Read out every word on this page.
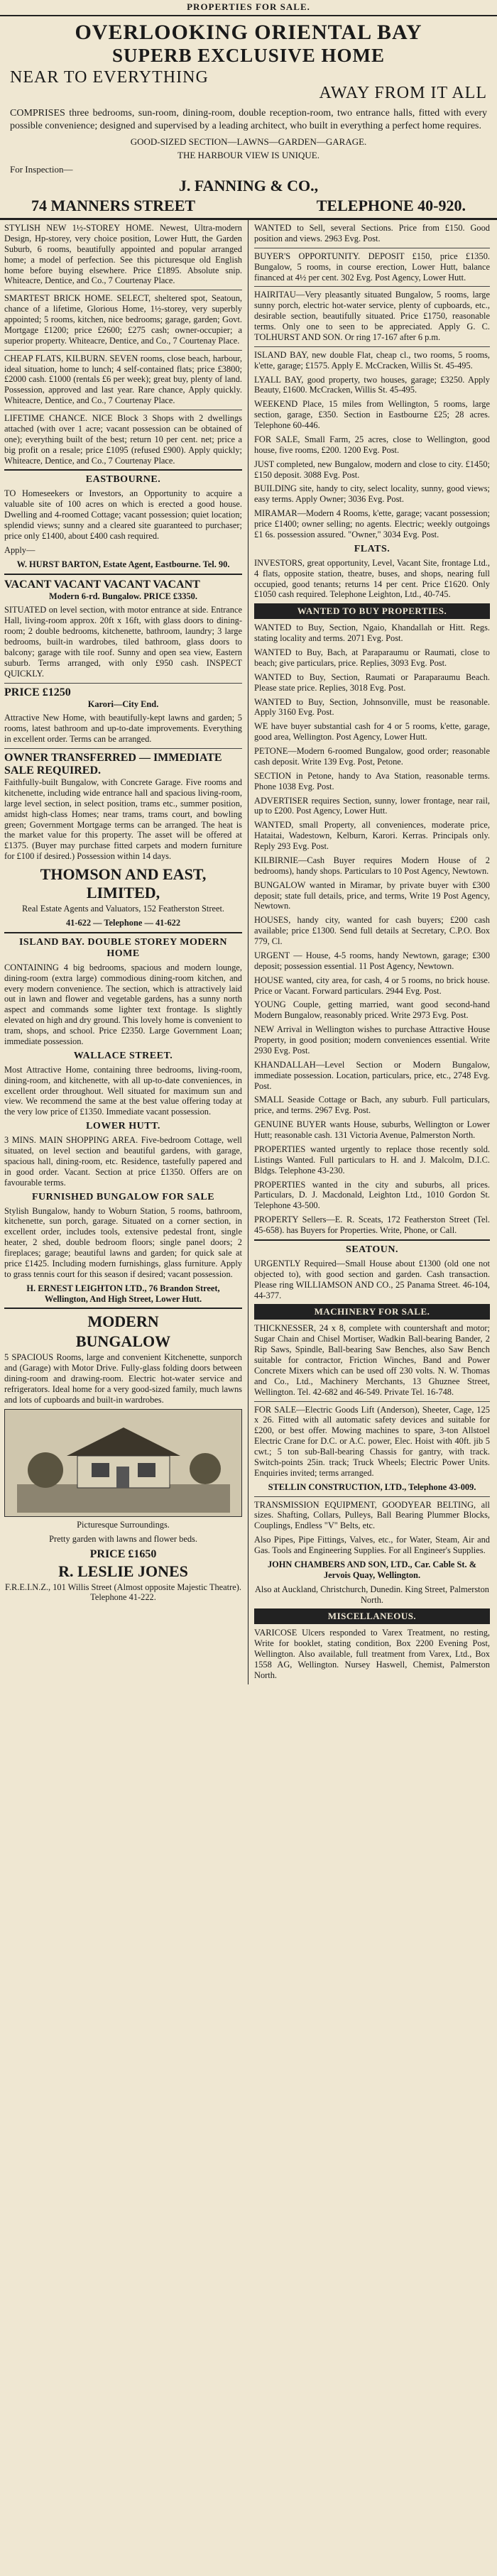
PROPERTIES FOR SALE.
OVERLOOKING ORIENTAL BAY
SUPERB EXCLUSIVE HOME
NEAR TO EVERYTHING
AWAY FROM IT ALL

COMPRISES three bedrooms, sun-room, dining-room, double reception-room, two entrance halls, fitted with every possible convenience; designed and supervised by a leading architect, who built in everything a perfect home requires.

GOOD-SIZED SECTION—LAWNS—GARDEN—GARAGE.
THE HARBOUR VIEW IS UNIQUE.
For Inspection—
J. FANNING & CO.,
74 MANNERS STREET	TELEPHONE 40-920.

STYLISH NEW 1½-STOREY HOME. Newest, Ultra-modern Design, Hp-storey, very choice position, Lower Hutt, the Garden Suburb, 6 rooms, beautifully appointed and popular arranged home; a model of perfection. See this picturesque old English home before buying elsewhere. Price £1895. Absolute snip. Whiteacre, Dentice, and Co., 7 Courtenay Place.

SMARTEST BRICK HOME. SELECT, sheltered spot, Seatoun, chance of a lifetime, Glorious Home, 1½-storey, very superbly appointed; 5 rooms, kitchen, nice bedrooms; garage, garden; Govt. Mortgage £1200; price £2600; £275 cash; owner-occupier; a superior property. Whiteacre, Dentice, and Co., 7 Courtenay Place.

CHEAP FLATS, KILBURN. SEVEN rooms, close beach, harbour, ideal situation, home to lunch; 4 self-contained flats; price £3800; £2000 cash. £1000 (rentals £6 per week); great buy, plenty of land. Possession, approved and last year. Rare chance, Apply quickly. Whiteacre, Dentice, and Co., 7 Courtenay Place.

LIFETIME CHANCE. NICE Block 3 Shops with 2 dwellings attached (with over 1 acre; vacant possession can be obtained of one); everything built of the best; return 10 per cent. net; price a big profit on a resale; price £1095 (refused £900). Apply quickly; Whiteacre, Dentice, and Co., 7 Courtenay Place.

EASTBOURNE.

TO Homeseekers or Investors, an Opportunity to acquire a valuable site of 100 acres on which is erected a good house. Dwelling and 4-roomed Cottage; vacant possession; quiet location; splendid views; sunny and a cleared site guaranteed to purchaser; price only £1400, about £400 cash required.

Apply—

W. HURST BARTON, Estate Agent, Eastbourne. Tel. 90.

VACANT VACANT VACANT VACANT

Modern 6-rd. Bungalow. PRICE £3350.

SITUATED on level section, with motor entrance at side. Entrance Hall, living-room approx. 20ft x 16ft, with glass doors to dining-room; 2 double bedrooms, kitchenette, bathroom, laundry; 3 large bedrooms, built-in wardrobes, tiled bathroom, glass doors to balcony; garage with tile roof. Sunny and open sea view, Eastern suburb. Terms arranged, with only £950 cash. INSPECT QUICKLY.

PRICE £1250

Karori—City End.

Attractive New Home, with beautifully-kept lawns and garden; 5 rooms, latest bathroom and up-to-date improvements. Everything in excellent order. Terms can be arranged.

OWNER TRANSFERRED — IMMEDIATE SALE REQUIRED.

Faithfully-built Bungalow, with Concrete Garage. Five rooms and kitchenette, including wide entrance hall and spacious living-room, large level section, in select position, trams etc., summer position, amidst high-class Homes; near trams, trams court, and bowling green; Government Mortgage terms can be arranged. The heat is the market value for this property. The asset will be offered at £1375. (Buyer may purchase fitted carpets and modern furniture for £100 if desired.) Possession within 14 days.

THOMSON AND EAST, LIMITED,

Real Estate Agents and Valuators, 152 Featherston Street.

41-622 — Telephone — 41-622

ISLAND BAY. DOUBLE STOREY MODERN HOME

CONTAINING 4 big bedrooms, spacious and modern lounge, dining-room (extra large) commodious dining-room kitchen, and every modern convenience. The section, which is attractively laid out in lawn and flower and vegetable gardens, has a sunny north aspect and commands some lighter text frontage. Is slightly elevated on high and dry ground. This lovely home is convenient to tram, shops, and school. Price £2350. Large Government Loan; immediate possession.

WALLACE STREET.

Most Attractive Home, containing three bedrooms, living-room, dining-room, and kitchenette, with all up-to-date conveniences, in excellent order throughout. Well situated for maximum sun and view. We recommend the same at the best value offering today at the very low price of £1350. Immediate vacant possession.

LOWER HUTT.

3 MINS. MAIN SHOPPING AREA. Five-bedroom Cottage, well situated, on level section and beautiful gardens, with garage, spacious hall, dining-room, etc. Residence, tastefully papered and in good order. Vacant. Section at price £1350. Offers are on favourable terms.

FURNISHED BUNGALOW FOR SALE

Stylish Bungalow, handy to Woburn Station, 5 rooms, bathroom, kitchenette, sun porch, garage. Situated on a corner section, in excellent order, includes tools, extensive pedestal front, single heater, 2 shed, double bedroom floors; single panel doors; 2 fireplaces; garage; beautiful lawns and garden; for quick sale at price £1425. Including modern furnishings, glass furniture. Apply to grass tennis court for this season if desired; vacant possession.

H. ERNEST LEIGHTON LTD., 76 Brandon Street, Wellington, And High Street, Lower Hutt.

MODERN
BUNGALOW

5 SPACIOUS Rooms, large and convenient Kitchenette, sunporch and (Garage) with Motor Drive. Fully-glass folding doors between dining-room and drawing-room. Electric hot-water service and refrigerators. Ideal home for a very good-sized family, much lawns and lots of cupboards and built-in wardrobes.

Picturesque Surroundings.

Pretty garden with lawns and flower beds.

PRICE £1650
R. LESLIE JONES

F.R.E.I.N.Z., 101 Willis Street (Almost opposite Majestic Theatre). Telephone 41-222.

WANTED to Sell, several Sections. Price from £150. Good position and views. 2963 Evg. Post.

BUYER'S OPPORTUNITY. DEPOSIT £150, price £1350. Bungalow, 5 rooms, in course erection, Lower Hutt, balance financed at 4½ per cent. 302 Evg. Post Agency, Lower Hutt.

HAIRITAU—Very pleasantly situated Bungalow, 5 rooms, large sunny porch, electric hot-water service, plenty of cupboards, etc., desirable section, beautifully situated. Price £1750, reasonable terms. Only one to seen to be appreciated. Apply G. C. TOLHURST AND SON. Or ring 17-167 after 6 p.m.

ISLAND BAY, new double Flat, cheap cl., two rooms, 5 rooms, k'ette, garage; £1575. Apply E. McCracken, Willis St. 45-495.

LYALL BAY, good property, two houses, garage; £3250. Apply Beauty, £1600. McCracken, Willis St. 45-495.

WEEKEND Place, 15 miles from Wellington, 5 rooms, large section, garage, £350. Section in Eastbourne £25; 28 acres. Telephone 60-446.

FOR SALE, Small Farm, 25 acres, close to Wellington, good house, five rooms, £200. 1200 Evg. Post.

JUST completed, new Bungalow, modern and close to city. £1450; £150 deposit. 3088 Evg. Post.

BUILDING site, handy to city, select locality, sunny, good views; easy terms. Apply Owner; 3036 Evg. Post.

MIRAMAR—Modern 4 Rooms, k'ette, garage; vacant possession; price £1400; owner selling; no agents. Electric; weekly outgoings £1 6s. possession assured. "Owner," 3034 Evg. Post.

FLATS.

INVESTORS, great opportunity, Level, Vacant Site, frontage Ltd., 4 flats, opposite station, theatre, buses, and shops, nearing full occupied, good tenants; returns 14 per cent. Price £1620. Only £1050 cash required. Telephone Leighton, Ltd., 40-745.

WANTED TO BUY PROPERTIES.

WANTED to Buy, Section, Ngaio, Khandallah or Hitt. Regs. stating locality and terms. 2071 Evg. Post.

WANTED to Buy, Bach, at Paraparaumu or Raumati, close to beach; give particulars, price. Replies, 3093 Evg. Post.

WANTED to Buy, Section, Raumati or Paraparaumu Beach. Please state price. Replies, 3018 Evg. Post.

WANTED to Buy, Section, Johnsonville, must be reasonable. Apply 3160 Evg. Post.

WE have buyer substantial cash for 4 or 5 rooms, k'ette, garage, good area, Wellington. Post Agency, Lower Hutt.

PETONE—Modern 6-roomed Bungalow, good order; reasonable cash deposit. Write 139 Evg. Post, Petone.

SECTION in Petone, handy to Ava Station, reasonable terms. Phone 1038 Evg. Post.

ADVERTISER requires Section, sunny, lower frontage, near rail, up to £200. Post Agency, Lower Hutt.

WANTED, small Property, all conveniences, moderate price, Hataitai, Wadestown, Kelburn, Karori. Kerras. Principals only. Reply 293 Evg. Post.

KILBIRNIE—Cash Buyer requires Modern House of 2 bedrooms), handy shops. Particulars to 10 Post Agency, Newtown.

BUNGALOW wanted in Miramar, by private buyer with £300 deposit; state full details, price, and terms, Write 19 Post Agency, Newtown.

HOUSES, handy city, wanted for cash buyers; £200 cash available; price £1300. Send full details at Secretary, C.P.O. Box 779, Cl.

URGENT — House, 4-5 rooms, handy Newtown, garage; £300 deposit; possession essential. 11 Post Agency, Newtown.

HOUSE wanted, city area, for cash, 4 or 5 rooms, no brick house. Price or Vacant. Forward particulars. 2944 Evg. Post.

YOUNG Couple, getting married, want good second-hand Modern Bungalow, reasonably priced. Write 2973 Evg. Post.

NEW Arrival in Wellington wishes to purchase Attractive House Property, in good position; modern conveniences essential. Write 2930 Evg. Post.

KHANDALLAH—Level Section or Modern Bungalow, immediate possession. Location, particulars, price, etc., 2748 Evg. Post.

SMALL Seaside Cottage or Bach, any suburb. Full particulars, price, and terms. 2967 Evg. Post.

GENUINE BUYER wants House, suburbs, Wellington or Lower Hutt; reasonable cash. 131 Victoria Avenue, Palmerston North.

PROPERTIES wanted urgently to replace those recently sold. Listings Wanted. Full particulars to H. and J. Malcolm, D.I.C. Bldgs. Telephone 43-230.

PROPERTIES wanted in the city and suburbs, all prices. Particulars, D. J. Macdonald, Leighton Ltd., 1010 Gordon St. Telephone 43-500.

PROPERTY Sellers—E. R. Sceats, 172 Featherston Street (Tel. 45-658). has Buyers for Properties. Write, Phone, or Call.

SEATOUN.

URGENTLY Required—Small House about £1300 (old one not objected to), with good section and garden. Cash transaction. Please ring WILLIAMSON AND CO., 25 Panama Street. 46-104, 44-377.

MACHINERY FOR SALE.

THICKNESSER, 24 x 8, complete with countershaft and motor; Sugar Chain and Chisel Mortiser, Wadkin Ball-bearing Bander, 2 Rip Saws, Spindle, Ball-bearing Saw Benches, also Saw Bench suitable for contractor, Friction Winches, Band and Power Concrete Mixers which can be used off 230 volts. N. W. Thomas and Co., Ltd., Machinery Merchants, 13 Ghuznee Street, Wellington. Tel. 42-682 and 46-549. Private Tel. 16-748.

FOR SALE—Electric Goods Lift (Anderson), Sheeter, Cage, 125 x 26. Fitted with all automatic safety devices and suitable for £200, or best offer. Mowing machines to spare, 3-ton Allstoel Electric Crane for D.C. or A.C. power, Elec. Hoist with 40ft. jib 5 cwt.; 5 ton sub-Ball-bearing Chassis for gantry, with track. Switch-points 25in. track; Truck Wheels; Electric Power Units. Enquiries invited; terms arranged.

STELLIN CONSTRUCTION, LTD., Telephone 43-009.

TRANSMISSION EQUIPMENT, GOODYEAR BELTING, all sizes. Shafting, Collars, Pulleys, Ball Bearing Plummer Blocks, Couplings, Endless "V" Belts, etc.

Also Pipes, Pipe Fittings, Valves, etc., for Water, Steam, Air and Gas. Tools and Engineering Supplies. For all Engineer's Supplies.

JOHN CHAMBERS AND SON, LTD., Car. Cable St. & Jervois Quay, Wellington.

Also at Auckland, Christchurch, Dunedin. King Street, Palmerston North.

MISCELLANEOUS.

VARICOSE Ulcers responded to Varex Treatment, no resting, Write for booklet, stating condition, Box 2200 Evening Post, Wellington. Also available, full treatment from Varex, Ltd., Box 1558 AG, Wellington. Nursey Haswell, Chemist, Palmerston North.
